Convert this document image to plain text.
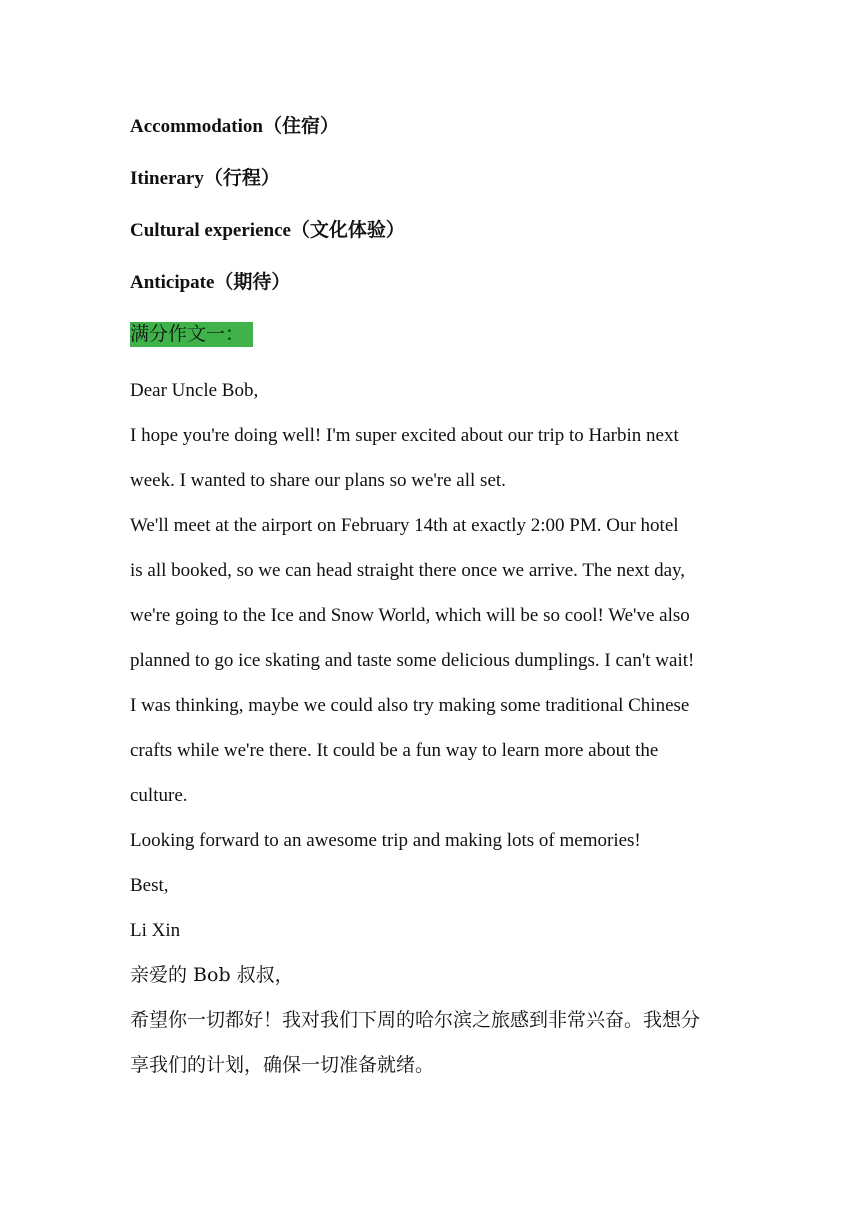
Accommodation（住宿）
Itinerary（行程）
Cultural experience（文化体验）
Anticipate（期待）
满分作文一：
Dear Uncle Bob,
I hope you're doing well! I'm super excited about our trip to Harbin next
week. I wanted to share our plans so we're all set.
We'll meet at the airport on February 14th at exactly 2:00 PM. Our hotel
is all booked, so we can head straight there once we arrive. The next day,
we're going to the Ice and Snow World, which will be so cool! We've also
planned to go ice skating and taste some delicious dumplings. I can't wait!
I was thinking, maybe we could also try making some traditional Chinese
crafts while we're there. It could be a fun way to learn more about the
culture.
Looking forward to an awesome trip and making lots of memories!
Best,
Li Xin
亲爱的 Bob 叔叔，
希望你一切都好！我对我们下周的哈尔滨之旅感到非常兴奋。我想分
享我们的计划，确保一切准备就绪。
